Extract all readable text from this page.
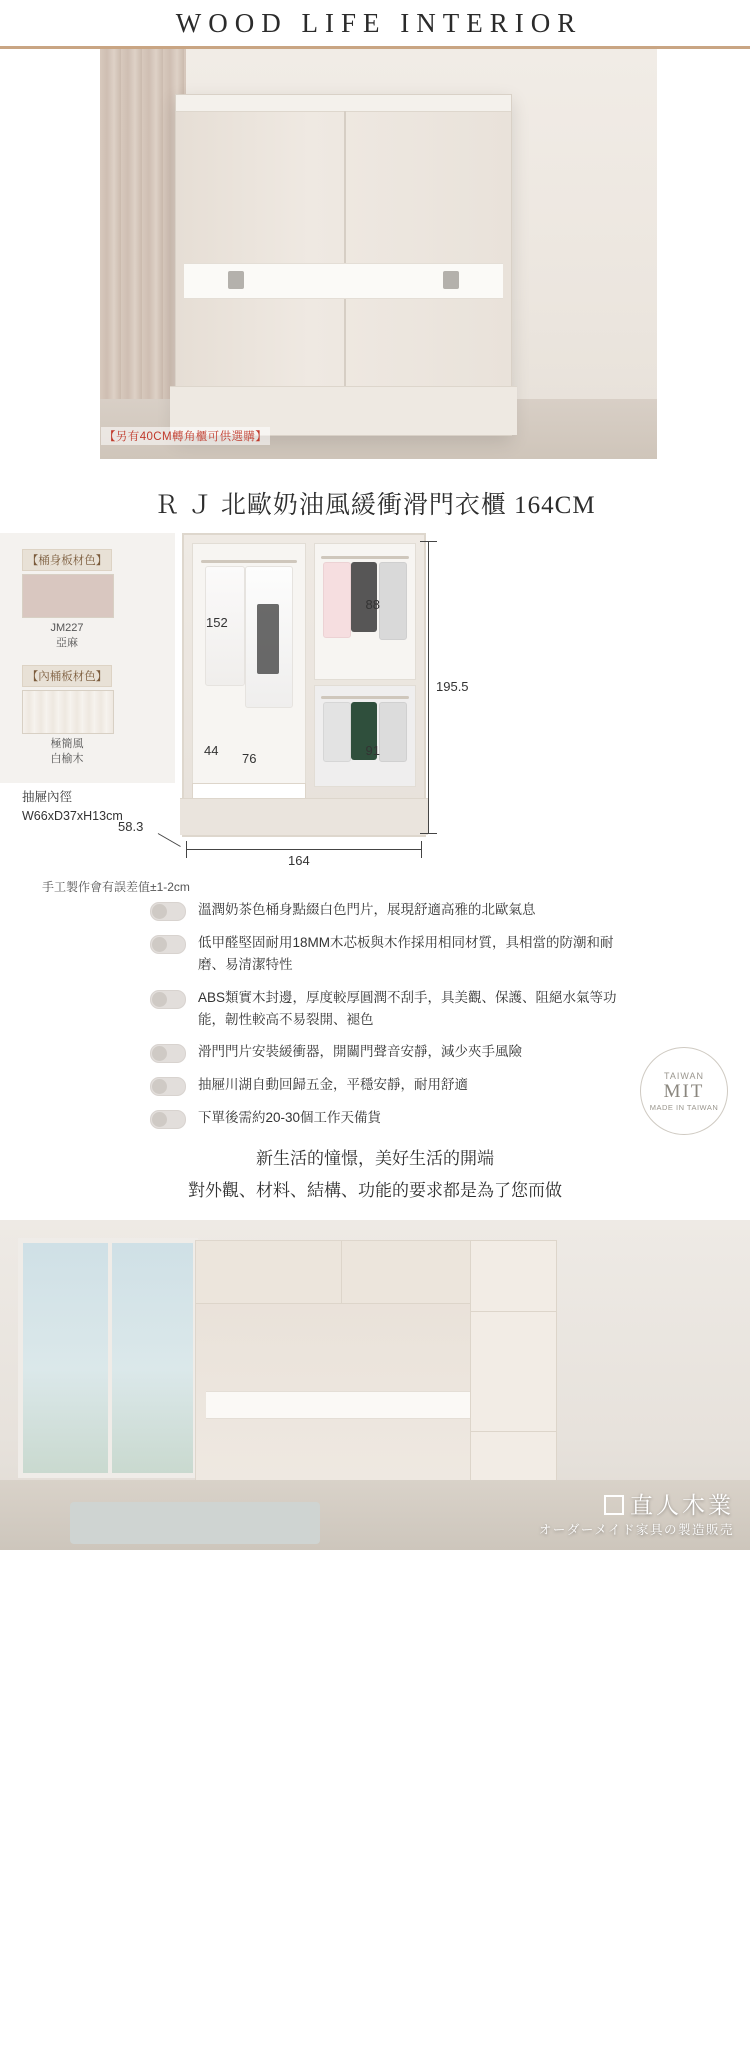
WOOD LIFE INTERIOR
【另有40CM轉角櫃可供選購】
Ｒ Ｊ 北歐奶油風緩衝滑門衣櫃 164CM
【桶身板材色】
JM227
亞麻
【內桶板材色】
極簡風
白榆木
抽屜內徑
W66xD37xH13cm
手工製作會有誤差值±1-2cm
152
88
91
44
76
195.5
164
58.3
溫潤奶茶色桶身點綴白色門片，展現舒適高雅的北歐氣息
低甲醛堅固耐用18MM木芯板與木作採用相同材質，具相當的防潮和耐磨、易清潔特性
ABS類實木封邊，厚度較厚圓潤不刮手，具美觀、保護、阻絕水氣等功能，韌性較高不易裂開、褪色
滑門門片安裝緩衝器，開關門聲音安靜，減少夾手風險
抽屜川湖自動回歸五金，平穩安靜，耐用舒適
下單後需約20-30個工作天備貨
TAIWAN
MIT
MADE IN TAIWAN
新生活的憧憬，美好生活的開端
對外觀、材料、結構、功能的要求都是為了您而做
直人木業
オーダーメイド家具の製造販売
